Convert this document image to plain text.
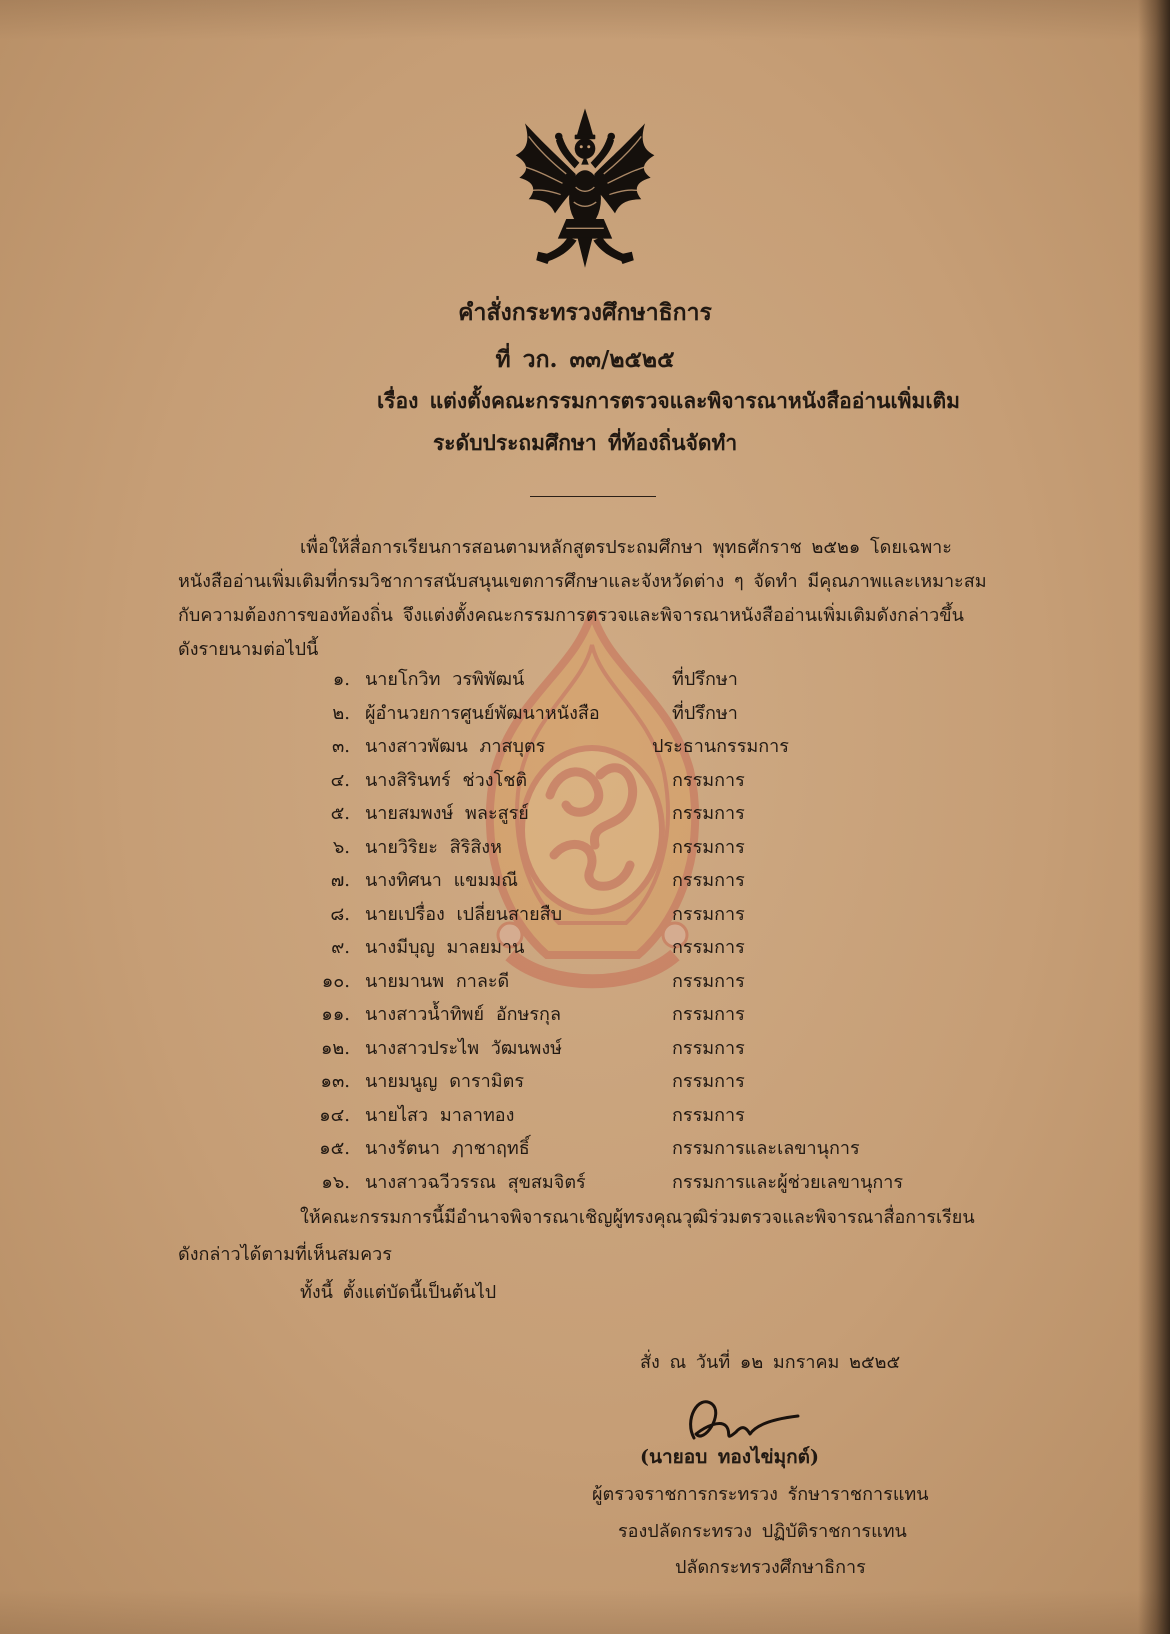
คำสั่งกระทรวงศึกษาธิการ
ที่ วก. ๓๓/๒๕๒๕
เรื่อง แต่งตั้งคณะกรรมการตรวจและพิจารณาหนังสืออ่านเพิ่มเติม
ระดับประถมศึกษา ที่ท้องถิ่นจัดทำ
เพื่อให้สื่อการเรียนการสอนตามหลักสูตรประถมศึกษา พุทธศักราช ๒๕๒๑ โดยเฉพาะ
หนังสืออ่านเพิ่มเติมที่กรมวิชาการสนับสนุนเขตการศึกษาและจังหวัดต่าง ๆ จัดทำ มีคุณภาพและเหมาะสม
กับความต้องการของท้องถิ่น จึงแต่งตั้งคณะกรรมการตรวจและพิจารณาหนังสืออ่านเพิ่มเติมดังกล่าวขึ้น
ดังรายนามต่อไปนี้
๑. นายโกวิท วรพิพัฒน์	ที่ปรึกษา
๒. ผู้อำนวยการศูนย์พัฒนาหนังสือ	ที่ปรึกษา
๓. นางสาวพัฒน ภาสบุตร	ประธานกรรมการ
๔. นางสิรินทร์ ช่วงโชติ	กรรมการ
๕. นายสมพงษ์ พละสูรย์	กรรมการ
๖. นายวิริยะ สิริสิงห	กรรมการ
๗. นางทิศนา แขมมณี	กรรมการ
๘. นายเปรื่อง เปลี่ยนสายสืบ	กรรมการ
๙. นางมีบุญ มาลยมาน	กรรมการ
๑๐. นายมานพ กาละดี	กรรมการ
๑๑. นางสาวน้ำทิพย์ อักษรกุล	กรรมการ
๑๒. นางสาวประไพ วัฒนพงษ์	กรรมการ
๑๓. นายมนูญ ดารามิตร	กรรมการ
๑๔. นายไสว มาลาทอง	กรรมการ
๑๕. นางรัตนา ฦาชาฤทธิ์	กรรมการและเลขานุการ
๑๖. นางสาวฉวีวรรณ สุขสมจิตร์	กรรมการและผู้ช่วยเลขานุการ
ให้คณะกรรมการนี้มีอำนาจพิจารณาเชิญผู้ทรงคุณวุฒิร่วมตรวจและพิจารณาสื่อการเรียน
ดังกล่าวได้ตามที่เห็นสมควร
ทั้งนี้ ตั้งแต่บัดนี้เป็นต้นไป
สั่ง ณ วันที่ ๑๒ มกราคม ๒๕๒๕
(นายอบ ทองไข่มุกต์)
ผู้ตรวจราชการกระทรวง รักษาราชการแทน
รองปลัดกระทรวง ปฏิบัติราชการแทน
ปลัดกระทรวงศึกษาธิการ
